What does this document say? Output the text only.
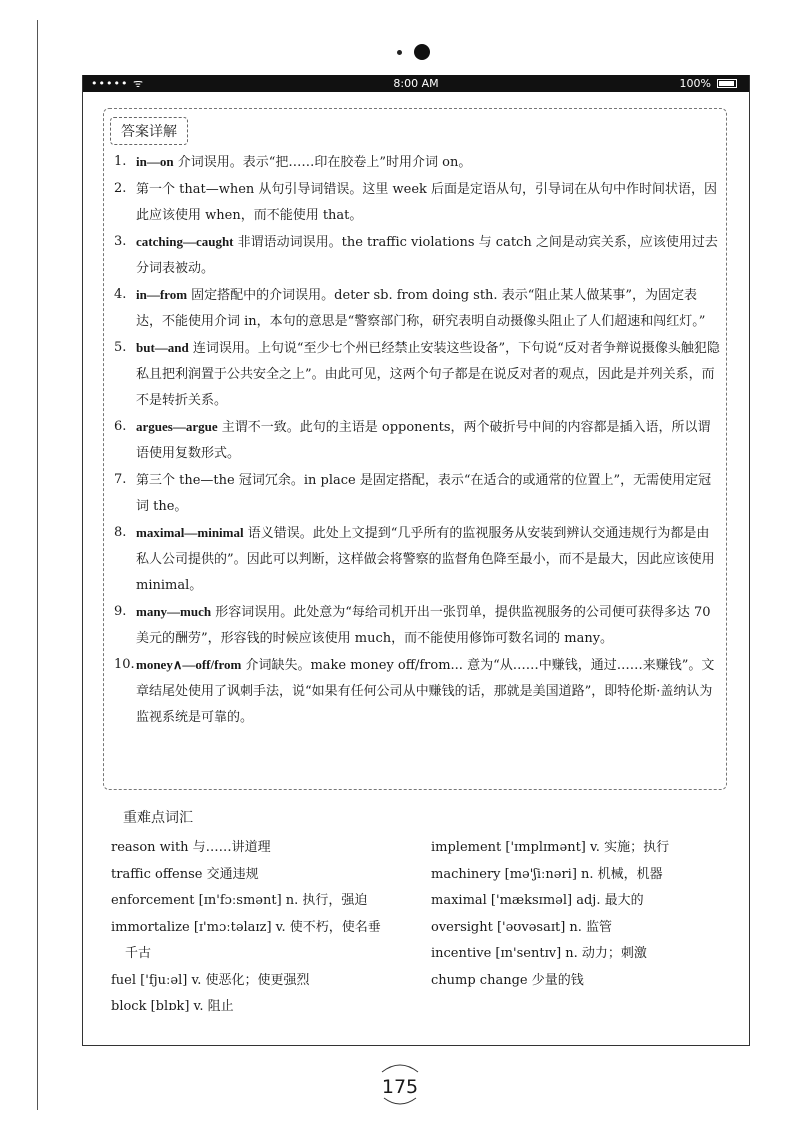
••••• ᯤ	8:00 AM	100%
答案详解
1. in—on 介词误用。表示“把……印在胶卷上”时用介词 on。
2. 第一个 that—when 从句引导词错误。这里 week 后面是定语从句，引导词在从句中作时间状语，因此应该使用 when，而不能使用 that。
3. catching—caught 非谓语动词误用。the traffic violations 与 catch 之间是动宾关系，应该使用过去分词表被动。
4. in—from 固定搭配中的介词误用。deter sb. from doing sth. 表示“阻止某人做某事”，为固定表达，不能使用介词 in，本句的意思是“警察部门称，研究表明自动摄像头阻止了人们超速和闯红灯。”
5. but—and 连词误用。上句说“至少七个州已经禁止安装这些设备”，下句说“反对者争辩说摄像头触犯隐私且把利润置于公共安全之上”。由此可见，这两个句子都是在说反对者的观点，因此是并列关系，而不是转折关系。
6. argues—argue 主谓不一致。此句的主语是 opponents，两个破折号中间的内容都是插入语，所以谓语使用复数形式。
7. 第三个 the—the 冠词冗余。in place 是固定搭配，表示“在适合的或通常的位置上”，无需使用定冠词 the。
8. maximal—minimal 语义错误。此处上文提到“几乎所有的监视服务从安装到辨认交通违规行为都是由私人公司提供的”。因此可以判断，这样做会将警察的监督角色降至最小，而不是最大，因此应该使用 minimal。
9. many—much 形容词误用。此处意为“每给司机开出一张罚单，提供监视服务的公司便可获得多达 70 美元的酬劳”，形容钱的时候应该使用 much，而不能使用修饰可数名词的 many。
10. money∧—off/from 介词缺失。make money off/from... 意为“从……中赚钱，通过……来赚钱”。文章结尾处使用了讽刺手法，说“如果有任何公司从中赚钱的话，那就是美国道路”，即特伦斯·盖纳认为监视系统是可靠的。
重难点词汇
reason with 与……讲道理
traffic offense 交通违规
enforcement [ɪn'fɔːsmənt] n. 执行，强迫
immortalize [ɪ'mɔːtəlaɪz] v. 使不朽，使名垂
千古
fuel ['fjuːəl] v. 使恶化；使更强烈
block [blɒk] v. 阻止
implement ['ɪmplɪmənt] v. 实施；执行
machinery [mə'ʃiːnəri] n. 机械，机器
maximal ['mæksɪməl] adj. 最大的
oversight ['əʊvəsaɪt] n. 监管
incentive [ɪn'sentɪv] n. 动力；刺激
chump change 少量的钱
175
